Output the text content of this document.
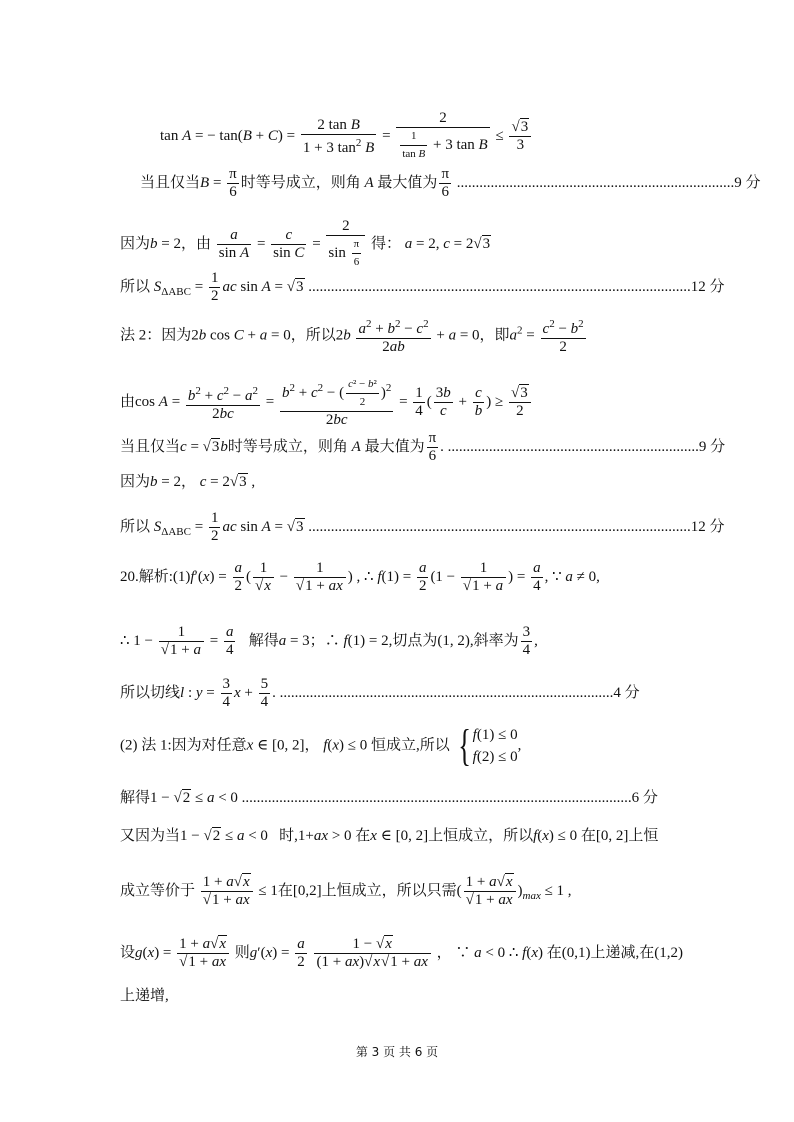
tan A = − $\tan(B + C) = \frac{\text{2 tan B}}{1 + 3 \tan^2 B} = \frac{2}{\frac{1}{\text{tan B}} + 3 \tan B} \le \frac{√3}{3}$
当且仅当$B = \frac{\pi}{6}$ 时等号成立，则角 A 最大值为 $\frac{\pi}{6} ..........................................................................9$ 分
因为b = 2，由 $\frac{a}{\text{sin A}} = \frac{c}{\text{sin C}} = \frac{2}{\sin \frac{\pi}{6}}$ 得： a = 2, c = 2√3
所以 $S_{\Delta ABC} = \frac{1}{2}$ ac sin A = √3 ......................................................................................................12 分
法 2：因为2b cos C + a = 0，所以$2b \frac{a^2 + b^2 - c^2}{2ab} + a = 0$，即$a^2 = \frac{c^2 - b^2}{2}$
由$\cos A = \frac{b^2 + c^2 - a^2}{2bc} = \frac{b^2 + c^2 - ( \frac{\text{c² − b²}}{2} )^2}{2bc} = \frac{1}{4}$ ( $\frac{3b}{c} + \frac{c}{b}$ ) ≥ $\frac{√3}{2}$
当且仅当c = √3b时等号成立，则角 A 最大值为 $\frac{\pi}{6}$ . ...................................................................9 分
因为b = 2， c = 2√3 ,
所以 $S_{\Delta ABC} = \frac{1}{2}$ ac sin A = √3 ......................................................................................................12 分
20.解析:(1)f′(x) = $\frac{a}{2}$ ( $\frac{1}{√x} - \frac{1}{√1 + ax}$ ) , ∴ $f(1) = \frac{a}{2} (1 - \frac{1}{√1 + a}$ ) = $\frac{a}{4}$ , ∵ a ≠ 0,
∴ $1 - \frac{1}{√1 + a} = \frac{a}{4}$ 解得a = 3；∴ f(1) = 2,切点为(1, 2),斜率为 $\frac{3}{4}$ ,
所以切线l : $y = \frac{3}{4}$ $x + \frac{5}{4}$ . .........................................................................................4 分
(2) 法 1:因为对任意x ∈ [0, 2]， f(x) ≤ 0 恒成立,所以 { f(1) ≤ 0
f(2) ≤ 0
,
解得1 − √2 ≤ a < 0 ........................................................................................................6 分
又因为当1 − √2 ≤ a < 0   时,1+ax > 0 在x ∈ [0, 2]上恒成立，所以f(x) ≤ 0 在[0, 2]上恒
成立等价于 $\frac{1 + a√x}{√1 + ax} \le 1$在[0,2]上恒成立，所以只需( $\frac{1 + a√x}{√1 + ax} )_{max} \le 1$ ,
设$g(x) = \frac{1 + a√x}{√1 + ax}$ 则$g'(x) = \frac{a}{2}$
$\frac{1 - √x}{(1 + ax)√x√1 + ax}$ ， ∵ a < 0 ∴ f(x) 在(0,1)上递减,在(1,2)
上递增,
第 3 页 共 6 页
